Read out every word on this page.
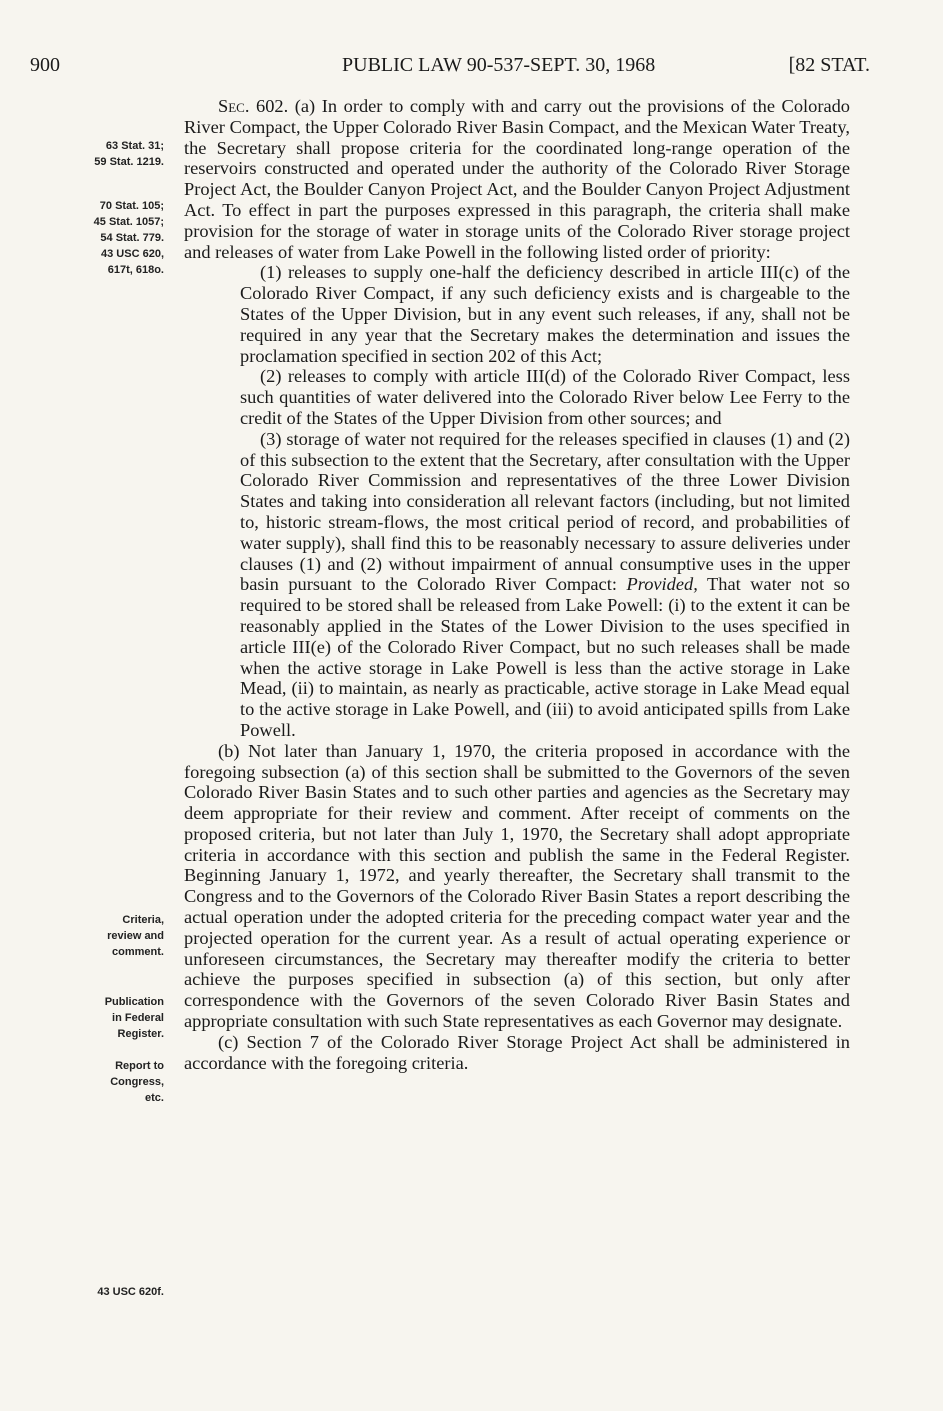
900	PUBLIC LAW 90-537-SEPT. 30, 1968	[82 STAT.
63 Stat. 31;
59 Stat. 1219.
70 Stat. 105;
45 Stat. 1057;
54 Stat. 779.
43 USC 620,
617t, 618o.
Criteria,
review and
comment.
Publication
in Federal
Register.
Report to
Congress,
etc.
43 USC 620f.

Sec. 602. (a) In order to comply with and carry out the provisions of the Colorado River Compact, the Upper Colorado River Basin Compact, and the Mexican Water Treaty, the Secretary shall propose criteria for the coordinated long-range operation of the reservoirs constructed and operated under the authority of the Colorado River Storage Project Act, the Boulder Canyon Project Act, and the Boulder Canyon Project Adjustment Act. To effect in part the purposes expressed in this paragraph, the criteria shall make provision for the storage of water in storage units of the Colorado River storage project and releases of water from Lake Powell in the following listed order of priority:

(1) releases to supply one-half the deficiency described in article III(c) of the Colorado River Compact, if any such deficiency exists and is chargeable to the States of the Upper Division, but in any event such releases, if any, shall not be required in any year that the Secretary makes the determination and issues the proclamation specified in section 202 of this Act;

(2) releases to comply with article III(d) of the Colorado River Compact, less such quantities of water delivered into the Colorado River below Lee Ferry to the credit of the States of the Upper Division from other sources; and

(3) storage of water not required for the releases specified in clauses (1) and (2) of this subsection to the extent that the Secretary, after consultation with the Upper Colorado River Commission and representatives of the three Lower Division States and taking into consideration all relevant factors (including, but not limited to, historic stream-flows, the most critical period of record, and probabilities of water supply), shall find this to be reasonably necessary to assure deliveries under clauses (1) and (2) without impairment of annual consumptive uses in the upper basin pursuant to the Colorado River Compact: Provided, That water not so required to be stored shall be released from Lake Powell: (i) to the extent it can be reasonably applied in the States of the Lower Division to the uses specified in article III(e) of the Colorado River Compact, but no such releases shall be made when the active storage in Lake Powell is less than the active storage in Lake Mead, (ii) to maintain, as nearly as practicable, active storage in Lake Mead equal to the active storage in Lake Powell, and (iii) to avoid anticipated spills from Lake Powell.

(b) Not later than January 1, 1970, the criteria proposed in accordance with the foregoing subsection (a) of this section shall be submitted to the Governors of the seven Colorado River Basin States and to such other parties and agencies as the Secretary may deem appropriate for their review and comment. After receipt of comments on the proposed criteria, but not later than July 1, 1970, the Secretary shall adopt appropriate criteria in accordance with this section and publish the same in the Federal Register. Beginning January 1, 1972, and yearly thereafter, the Secretary shall transmit to the Congress and to the Governors of the Colorado River Basin States a report describing the actual operation under the adopted criteria for the preceding compact water year and the projected operation for the current year. As a result of actual operating experience or unforeseen circumstances, the Secretary may thereafter modify the criteria to better achieve the purposes specified in subsection (a) of this section, but only after correspondence with the Governors of the seven Colorado River Basin States and appropriate consultation with such State representatives as each Governor may designate.

(c) Section 7 of the Colorado River Storage Project Act shall be administered in accordance with the foregoing criteria.
